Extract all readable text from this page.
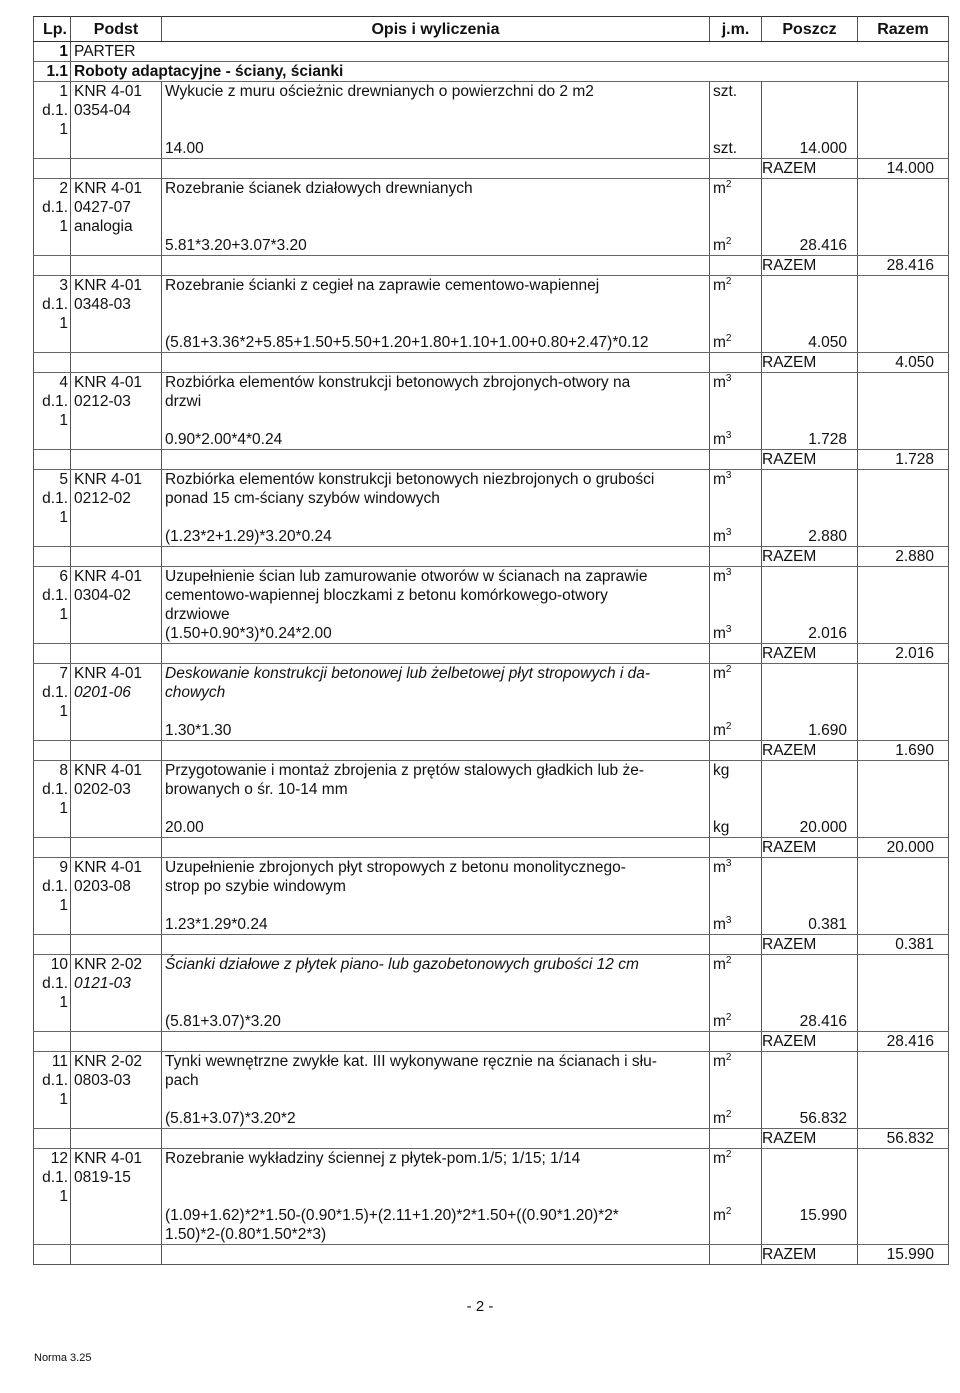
Lp.	Podst	Opis i wyliczenia	j.m.	Poszcz	Razem
1	PARTER				
1.1	Roboty adaptacyjne - ściany, ścianki				
1	KNR 4-01	Wykucie z muru ościeżnic drewnianych o powierzchni do 2 m2	szt.		
d.1.	0354-04				
1					
		14.00	szt.	14.000	
				RAZEM	14.000
2	KNR 4-01	Rozebranie ścianek działowych drewnianych	$m^2$		
d.1.	0427-07				
1	analogia				
		5.81*3.20+3.07*3.20	$m^2$	28.416	
				RAZEM	28.416
3	KNR 4-01	Rozebranie ścianki z cegieł na zaprawie cementowo-wapiennej	$m^2$		
d.1.	0348-03				
1					
		(5.81+3.36*2+5.85+1.50+5.50+1.20+1.80+1.10+1.00+0.80+2.47)*0.12	$m^2$	4.050	
				RAZEM	4.050
4	KNR 4-01	Rozbiórka elementów konstrukcji betonowych zbrojonych-otwory na	$m^3$		
d.1.	0212-03	drzwi			
1					
		0.90*2.00*4*0.24	$m^3$	1.728	
				RAZEM	1.728
5	KNR 4-01	Rozbiórka elementów konstrukcji betonowych niezbrojonych o grubości	$m^3$		
d.1.	0212-02	ponad 15 cm-ściany szybów windowych			
1					
		(1.23*2+1.29)*3.20*0.24	$m^3$	2.880	
				RAZEM	2.880
6	KNR 4-01	Uzupełnienie ścian lub zamurowanie otworów w ścianach na zaprawie	$m^3$		
d.1.	0304-02	cementowo-wapiennej bloczkami z betonu komórkowego-otwory			
1		drzwiowe			
		(1.50+0.90*3)*0.24*2.00	$m^3$	2.016	
				RAZEM	2.016
7	KNR 4-01	Deskowanie konstrukcji betonowej lub żelbetowej płyt stropowych i da-	$m^2$		
d.1.	0201-06	chowych			
1					
		1.30*1.30	$m^2$	1.690	
				RAZEM	1.690
8	KNR 4-01	Przygotowanie i montaż zbrojenia z prętów stalowych gładkich lub że-	kg		
d.1.	0202-03	browanych o śr. 10-14 mm			
1					
		20.00	kg	20.000	
				RAZEM	20.000
9	KNR 4-01	Uzupełnienie zbrojonych płyt stropowych z betonu monolitycznego-	$m^3$		
d.1.	0203-08	strop po szybie windowym			
1					
		1.23*1.29*0.24	$m^3$	0.381	
				RAZEM	0.381
10	KNR 2-02	Ścianki działowe z płytek piano- lub gazobetonowych grubości 12 cm	$m^2$		
d.1.	0121-03				
1					
		(5.81+3.07)*3.20	$m^2$	28.416	
				RAZEM	28.416
11	KNR 2-02	Tynki wewnętrzne zwykłe kat. III wykonywane ręcznie na ścianach i słu-	$m^2$		
d.1.	0803-03	pach			
1					
		(5.81+3.07)*3.20*2	$m^2$	56.832	
				RAZEM	56.832
12	KNR 4-01	Rozebranie wykładziny ściennej z płytek-pom.1/5; 1/15; 1/14	$m^2$		
d.1.	0819-15				
1					
		(1.09+1.62)*2*1.50-(0.90*1.5)+(2.11+1.20)*2*1.50+((0.90*1.20)*2*	$m^2$	15.990	
		1.50)*2-(0.80*1.50*2*3)			
				RAZEM	15.990
- 2 -
Norma 3.25
